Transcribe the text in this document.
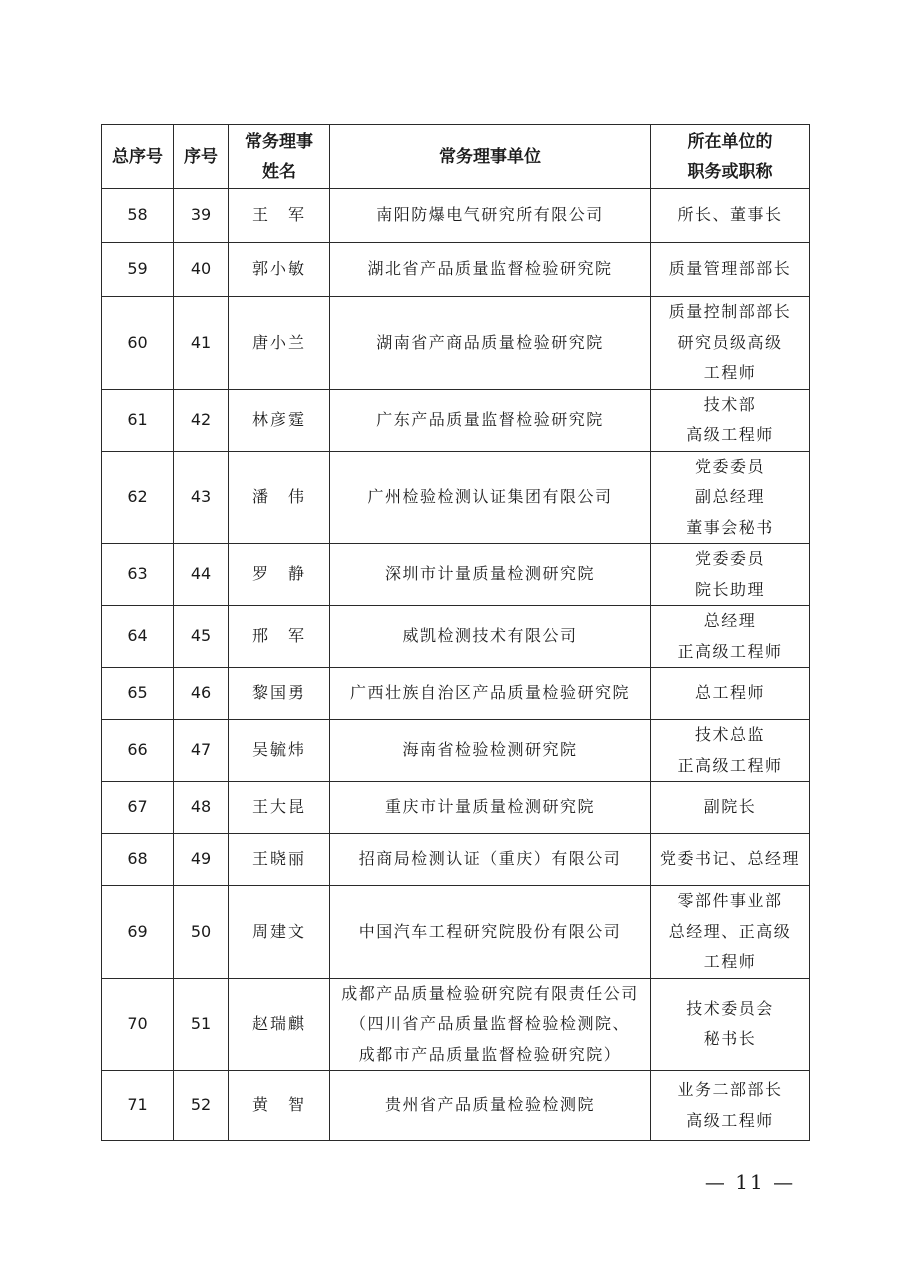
总序号	序号	常务理事
姓名	常务理事单位	所在单位的
职务或职称

58	39	王　军	南阳防爆电气研究所有限公司	所长、董事长

59	40	郭小敏	湖北省产品质量监督检验研究院	质量管理部部长

60	41	唐小兰	湖南省产商品质量检验研究院	质量控制部部长
研究员级高级
工程师

61	42	林彦霆	广东产品质量监督检验研究院	技术部
高级工程师

62	43	潘　伟	广州检验检测认证集团有限公司	党委委员
副总经理
董事会秘书

63	44	罗　静	深圳市计量质量检测研究院	党委委员
院长助理

64	45	邢　军	威凯检测技术有限公司	总经理
正高级工程师

65	46	黎国勇	广西壮族自治区产品质量检验研究院	总工程师

66	47	吴毓炜	海南省检验检测研究院	技术总监
正高级工程师

67	48	王大昆	重庆市计量质量检测研究院	副院长

68	49	王晓丽	招商局检测认证（重庆）有限公司	党委书记、总经理

69	50	周建文	中国汽车工程研究院股份有限公司	零部件事业部
总经理、正高级
工程师

70	51	赵瑞麒	成都产品质量检验研究院有限责任公司
（四川省产品质量监督检验检测院、
成都市产品质量监督检验研究院）	技术委员会
秘书长

71	52	黄　智	贵州省产品质量检验检测院	业务二部部长
高级工程师
— 11 —
